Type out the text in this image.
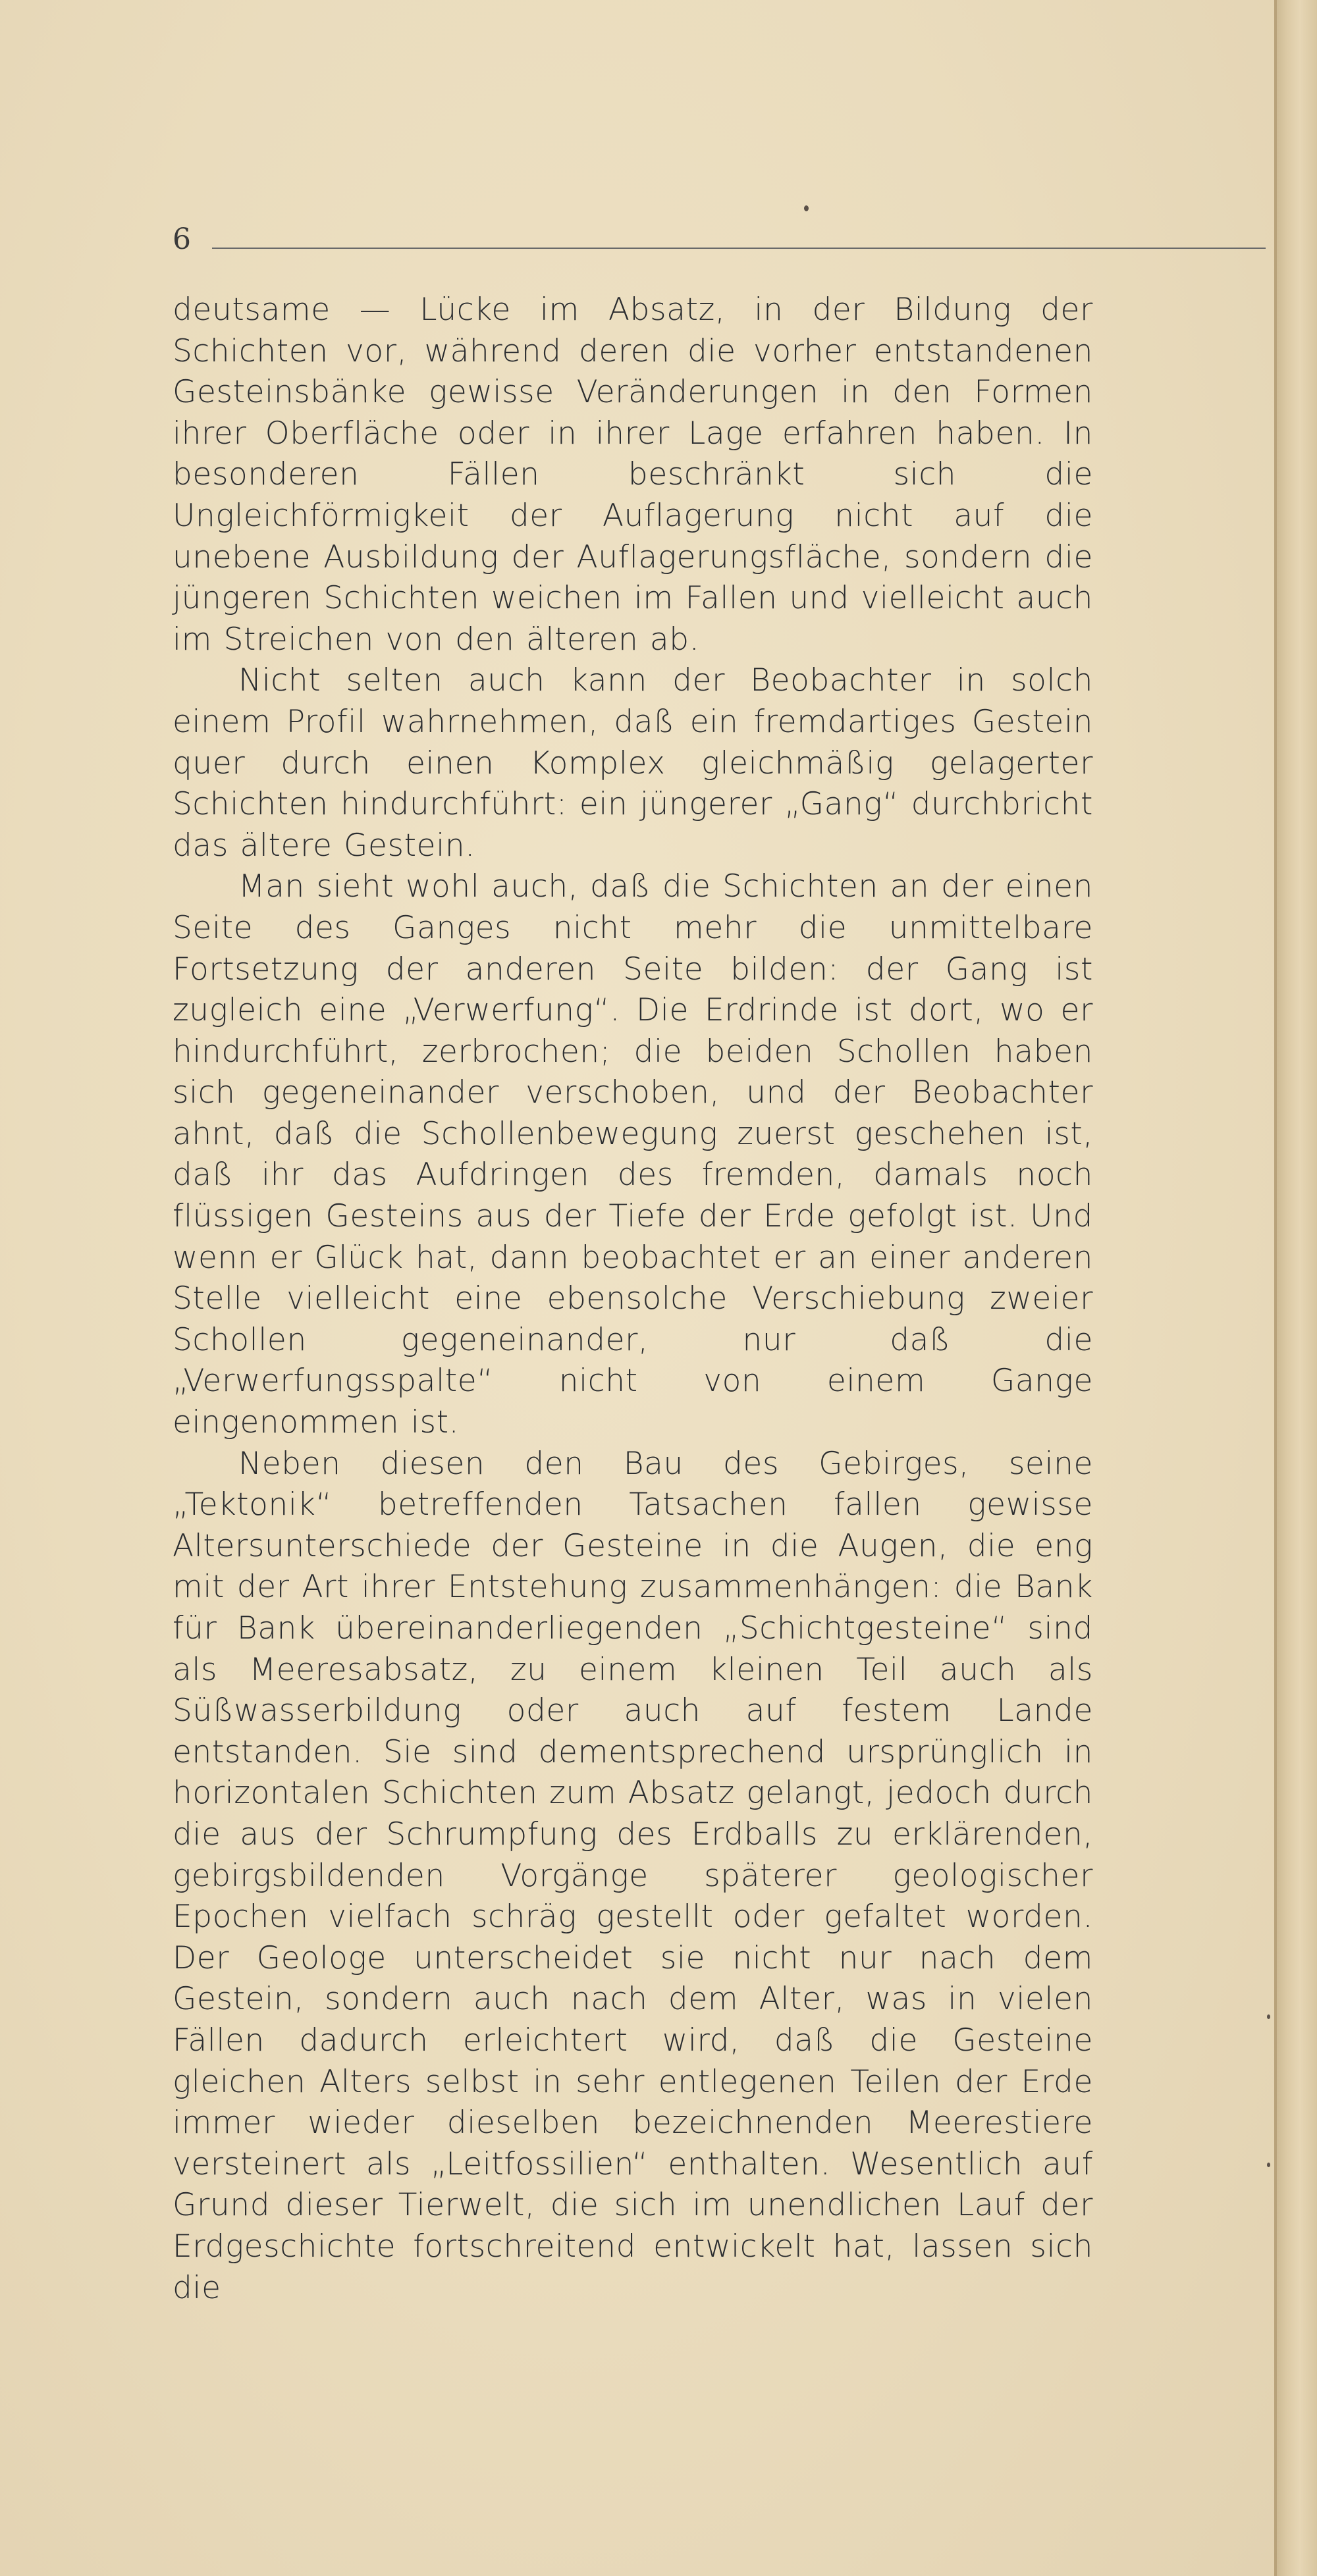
6

deutsame — Lücke im Absatz, in der Bildung der Schichten vor, während deren die vorher entstandenen Gesteinsbänke gewisse Veränderungen in den Formen ihrer Oberfläche oder in ihrer Lage erfahren haben. In besonderen Fällen beschränkt sich die Ungleichförmigkeit der Auflagerung nicht auf die unebene Ausbildung der Auflagerungsfläche, sondern die jüngeren Schichten weichen im Fallen und vielleicht auch im Streichen von den älteren ab.

Nicht selten auch kann der Beobachter in solch einem Profil wahrnehmen, daß ein fremdartiges Gestein quer durch einen Komplex gleichmäßig gelagerter Schichten hindurchführt: ein jüngerer „Gang“ durchbricht das ältere Gestein.

Man sieht wohl auch, daß die Schichten an der einen Seite des Ganges nicht mehr die unmittelbare Fortsetzung der anderen Seite bilden: der Gang ist zugleich eine „Verwerfung“. Die Erdrinde ist dort, wo er hindurchführt, zerbrochen; die beiden Schollen haben sich gegeneinander verschoben, und der Beobachter ahnt, daß die Schollenbewegung zuerst geschehen ist, daß ihr das Aufdringen des fremden, damals noch flüssigen Gesteins aus der Tiefe der Erde gefolgt ist. Und wenn er Glück hat, dann beobachtet er an einer anderen Stelle vielleicht eine ebensolche Verschiebung zweier Schollen gegeneinander, nur daß die „Verwerfungsspalte“ nicht von einem Gange eingenommen ist.

Neben diesen den Bau des Gebirges, seine „Tektonik“ betreffenden Tatsachen fallen gewisse Altersunterschiede der Gesteine in die Augen, die eng mit der Art ihrer Entstehung zusammenhängen: die Bank für Bank übereinanderliegenden „Schichtgesteine“ sind als Meeresabsatz, zu einem kleinen Teil auch als Süßwasserbildung oder auch auf festem Lande entstanden. Sie sind dementsprechend ursprünglich in horizontalen Schichten zum Absatz gelangt, jedoch durch die aus der Schrumpfung des Erdballs zu erklärenden, gebirgsbildenden Vorgänge späterer geologischer Epochen vielfach schräg gestellt oder gefaltet worden. Der Geologe unterscheidet sie nicht nur nach dem Gestein, sondern auch nach dem Alter, was in vielen Fällen dadurch erleichtert wird, daß die Gesteine gleichen Alters selbst in sehr entlegenen Teilen der Erde immer wieder dieselben bezeichnenden Meerestiere versteinert als „Leitfossilien“ enthalten. Wesentlich auf Grund dieser Tierwelt, die sich im unendlichen Lauf der Erdgeschichte fortschreitend entwickelt hat, lassen sich die
